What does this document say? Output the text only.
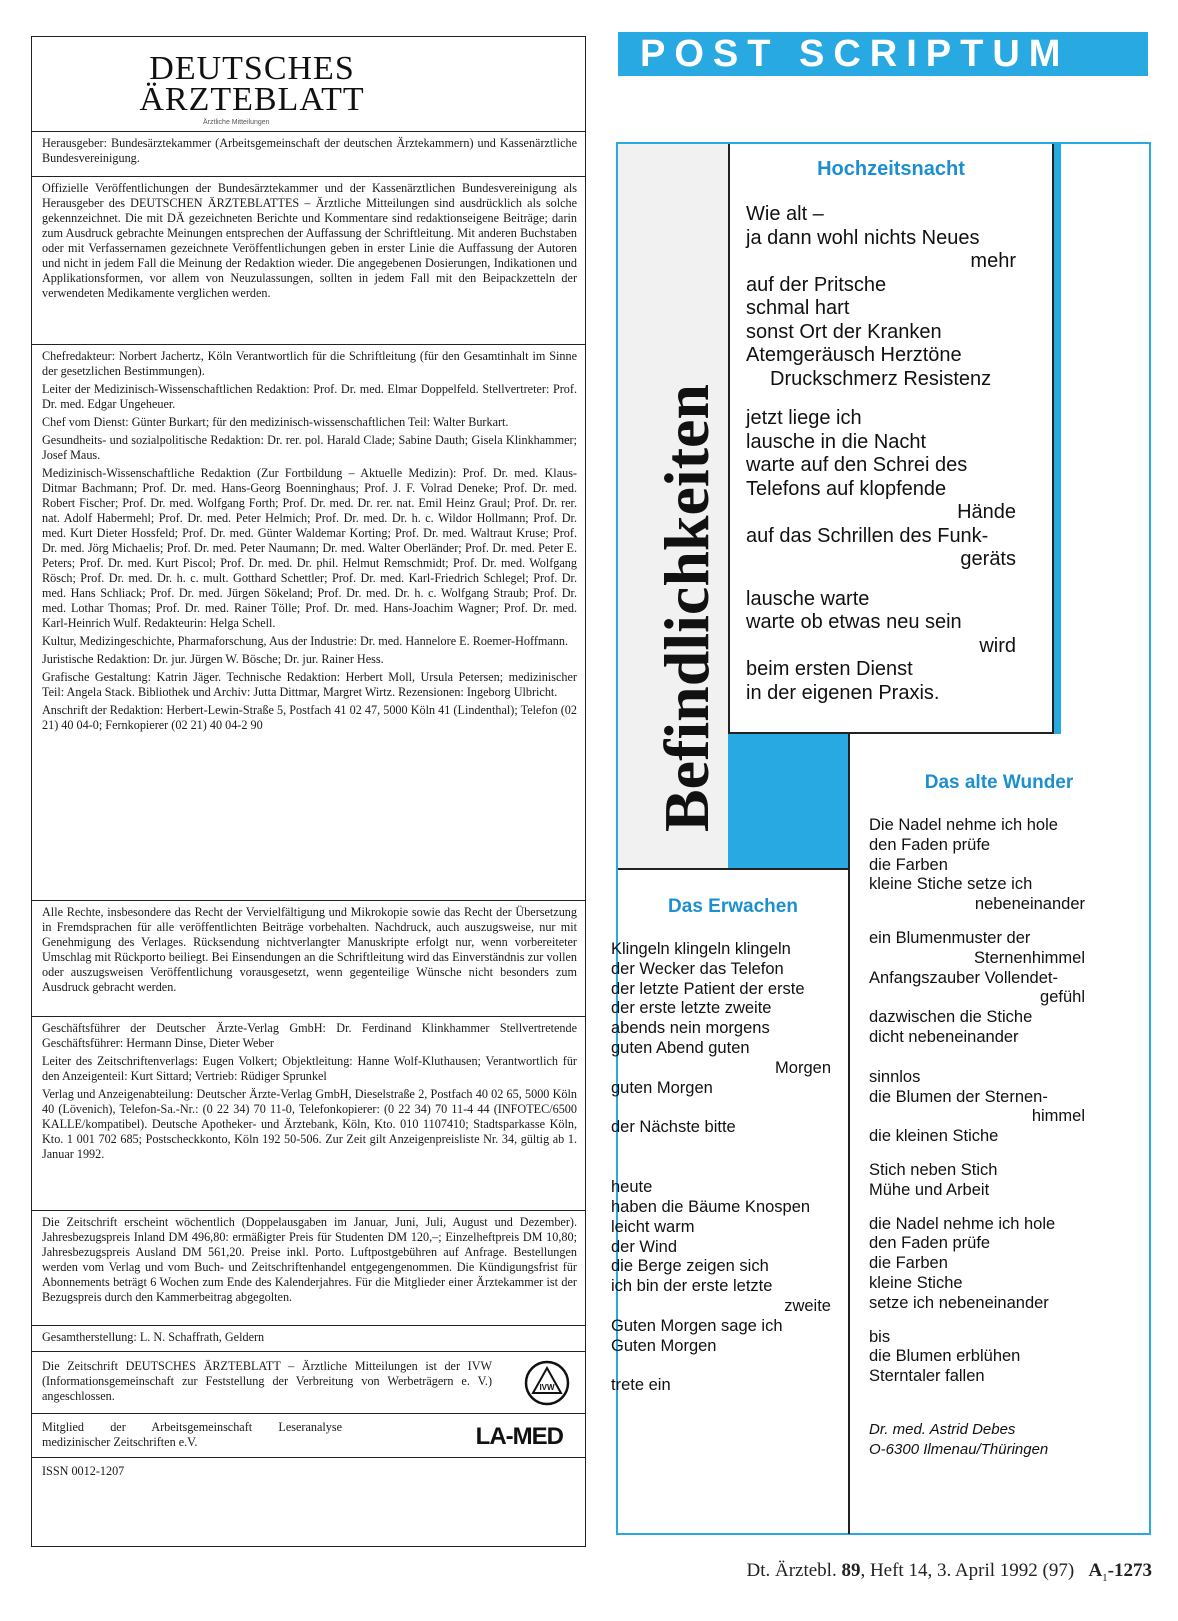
DEUTSCHES
ÄRZTEBLATT
Ärztliche Mitteilungen

Herausgeber: Bundesärztekammer (Arbeitsgemeinschaft der deutschen Ärztekammern) und Kassenärztliche Bundesvereinigung.

Offizielle Veröffentlichungen der Bundesärztekammer und der Kassenärztlichen Bundesvereinigung als Herausgeber des DEUTSCHEN ÄRZTEBLATTES – Ärztliche Mitteilungen sind ausdrücklich als solche gekennzeichnet. Die mit DÄ gezeichneten Berichte und Kommentare sind redaktionseigene Beiträge; darin zum Ausdruck gebrachte Meinungen entsprechen der Auffassung der Schriftleitung. Mit anderen Buchstaben oder mit Verfassernamen gezeichnete Veröffentlichungen geben in erster Linie die Auffassung der Autoren und nicht in jedem Fall die Meinung der Redaktion wieder. Die angegebenen Dosierungen, Indikationen und Applikationsformen, vor allem von Neuzulassungen, sollten in jedem Fall mit den Beipackzetteln der verwendeten Medikamente verglichen werden.

Chefredakteur: Norbert Jachertz, Köln Verantwortlich für die Schriftleitung (für den Gesamtinhalt im Sinne der gesetzlichen Bestimmungen).

Leiter der Medizinisch-Wissenschaftlichen Redaktion: Prof. Dr. med. Elmar Doppelfeld. Stellvertreter: Prof. Dr. med. Edgar Ungeheuer.

Chef vom Dienst: Günter Burkart; für den medizinisch-wissenschaftlichen Teil: Walter Burkart.

Gesundheits- und sozialpolitische Redaktion: Dr. rer. pol. Harald Clade; Sabine Dauth; Gisela Klinkhammer; Josef Maus.

Medizinisch-Wissenschaftliche Redaktion (Zur Fortbildung – Aktuelle Medizin): Prof. Dr. med. Klaus-Ditmar Bachmann; Prof. Dr. med. Hans-Georg Boenninghaus; Prof. J. F. Volrad Deneke; Prof. Dr. med. Robert Fischer; Prof. Dr. med. Wolfgang Forth; Prof. Dr. med. Dr. rer. nat. Emil Heinz Graul; Prof. Dr. rer. nat. Adolf Habermehl; Prof. Dr. med. Peter Helmich; Prof. Dr. med. Dr. h. c. Wildor Hollmann; Prof. Dr. med. Kurt Dieter Hossfeld; Prof. Dr. med. Günter Waldemar Korting; Prof. Dr. med. Waltraut Kruse; Prof. Dr. med. Jörg Michaelis; Prof. Dr. med. Peter Naumann; Dr. med. Walter Oberländer; Prof. Dr. med. Peter E. Peters; Prof. Dr. med. Kurt Piscol; Prof. Dr. med. Dr. phil. Helmut Remschmidt; Prof. Dr. med. Wolfgang Rösch; Prof. Dr. med. Dr. h. c. mult. Gotthard Schettler; Prof. Dr. med. Karl-Friedrich Schlegel; Prof. Dr. med. Hans Schliack; Prof. Dr. med. Jürgen Sökeland; Prof. Dr. med. Dr. h. c. Wolfgang Straub; Prof. Dr. med. Lothar Thomas; Prof. Dr. med. Rainer Tölle; Prof. Dr. med. Hans-Joachim Wagner; Prof. Dr. med. Karl-Heinrich Wulf. Redakteurin: Helga Schell.

Kultur, Medizingeschichte, Pharmaforschung, Aus der Industrie: Dr. med. Hannelore E. Roemer-Hoffmann.

Juristische Redaktion: Dr. jur. Jürgen W. Bösche; Dr. jur. Rainer Hess.

Grafische Gestaltung: Katrin Jäger. Technische Redaktion: Herbert Moll, Ursula Petersen; medizinischer Teil: Angela Stack. Bibliothek und Archiv: Jutta Dittmar, Margret Wirtz. Rezensionen: Ingeborg Ulbricht.

Anschrift der Redaktion: Herbert-Lewin-Straße 5, Postfach 41 02 47, 5000 Köln 41 (Lindenthal); Telefon (02 21) 40 04-0; Fernkopierer (02 21) 40 04-2 90

Alle Rechte, insbesondere das Recht der Vervielfältigung und Mikrokopie sowie das Recht der Übersetzung in Fremdsprachen für alle veröffentlichten Beiträge vorbehalten. Nachdruck, auch auszugsweise, nur mit Genehmigung des Verlages. Rücksendung nichtverlangter Manuskripte erfolgt nur, wenn vorbereiteter Umschlag mit Rückporto beiliegt. Bei Einsendungen an die Schriftleitung wird das Einverständnis zur vollen oder auszugsweisen Veröffentlichung vorausgesetzt, wenn gegenteilige Wünsche nicht besonders zum Ausdruck gebracht werden.

Geschäftsführer der Deutscher Ärzte-Verlag GmbH: Dr. Ferdinand Klinkhammer Stellvertretende Geschäftsführer: Hermann Dinse, Dieter Weber

Leiter des Zeitschriftenverlags: Eugen Volkert; Objektleitung: Hanne Wolf-Kluthausen; Verantwortlich für den Anzeigenteil: Kurt Sittard; Vertrieb: Rüdiger Sprunkel

Verlag und Anzeigenabteilung: Deutscher Ärzte-Verlag GmbH, Dieselstraße 2, Postfach 40 02 65, 5000 Köln 40 (Lövenich), Telefon-Sa.-Nr.: (0 22 34) 70 11-0, Telefonkopierer: (0 22 34) 70 11-4 44 (INFOTEC/6500 KALLE/kompatibel). Deutsche Apotheker- und Ärztebank, Köln, Kto. 010 1107410; Stadtsparkasse Köln, Kto. 1 001 702 685; Postscheckkonto, Köln 192 50-506. Zur Zeit gilt Anzeigenpreisliste Nr. 34, gültig ab 1. Januar 1992.

Die Zeitschrift erscheint wöchentlich (Doppelausgaben im Januar, Juni, Juli, August und Dezember). Jahresbezugspreis Inland DM 496,80: ermäßigter Preis für Studenten DM 120,–; Einzelheftpreis DM 10,80; Jahresbezugspreis Ausland DM 561,20. Preise inkl. Porto. Luftpostgebühren auf Anfrage. Bestellungen werden vom Verlag und vom Buch- und Zeitschriftenhandel entgegengenommen. Die Kündigungsfrist für Abonnements beträgt 6 Wochen zum Ende des Kalenderjahres. Für die Mitglieder einer Ärztekammer ist der Bezugspreis durch den Kammerbeitrag abgegolten.

Gesamtherstellung: L. N. Schaffrath, Geldern

Die Zeitschrift DEUTSCHES ÄRZTEBLATT – Ärztliche Mitteilungen ist der IVW (Informationsgemeinschaft zur Feststellung der Verbreitung von Werbeträgern e. V.) angeschlossen.

IVW

Mitglied der Arbeitsgemeinschaft Leseranalyse medizinischer Zeitschriften e.V.	LA-MED

ISSN 0012-1207

POST SCRIPTUM
Befindlichkeiten
Hochzeitsnacht
Wie alt –
ja dann wohl nichts Neues
mehr
auf der Pritsche
schmal hart
sonst Ort der Kranken
Atemgeräusch Herztöne
Druckschmerz Resistenz
jetzt liege ich
lausche in die Nacht
warte auf den Schrei des
Telefons auf klopfende
Hände
auf das Schrillen des Funk-
geräts
lausche warte
warte ob etwas neu sein
wird
beim ersten Dienst
in der eigenen Praxis.
Das alte Wunder
Die Nadel nehme ich hole
den Faden prüfe
die Farben
kleine Stiche setze ich
nebeneinander
ein Blumenmuster der
Sternenhimmel
Anfangszauber Vollendet-
gefühl
dazwischen die Stiche
dicht nebeneinander
sinnlos
die Blumen der Sternen-
himmel
die kleinen Stiche
Stich neben Stich
Mühe und Arbeit
die Nadel nehme ich hole
den Faden prüfe
die Farben
kleine Stiche
setze ich nebeneinander
bis
die Blumen erblühen
Sterntaler fallen
Dr. med. Astrid Debes
O-6300 Ilmenau/Thüringen
Das Erwachen
Klingeln klingeln klingeln
der Wecker das Telefon
der letzte Patient der erste
der erste letzte zweite
abends nein morgens
guten Abend guten
Morgen
guten Morgen
der Nächste bitte
heute
haben die Bäume Knospen
leicht warm
der Wind
die Berge zeigen sich
ich bin der erste letzte
zweite
Guten Morgen sage ich
Guten Morgen
trete ein
Dt. Ärztebl. 89, Heft 14, 3. April 1992 (97) $A_1-1273$
